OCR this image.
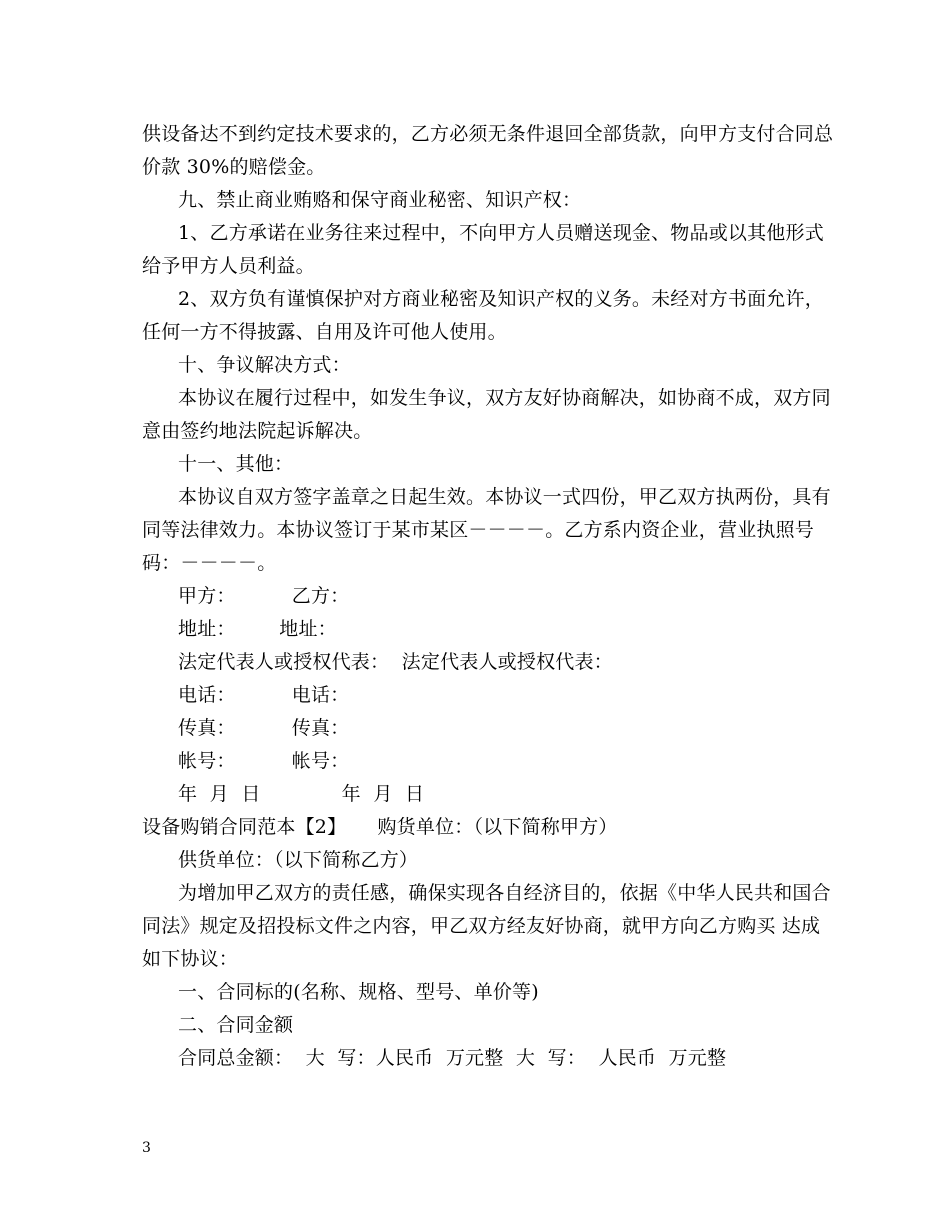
供设备达不到约定技术要求的，乙方必须无条件退回全部货款，向甲方支付合同总
价款 30%的赔偿金。
九、禁止商业贿赂和保守商业秘密、知识产权：
1、乙方承诺在业务往来过程中，不向甲方人员赠送现金、物品或以其他形式
给予甲方人员利益。
2、双方负有谨慎保护对方商业秘密及知识产权的义务。未经对方书面允许，
任何一方不得披露、自用及许可他人使用。
十、争议解决方式：
本协议在履行过程中，如发生争议，双方友好协商解决，如协商不成，双方同
意由签约地法院起诉解决。
十一、其他：
本协议自双方签字盖章之日起生效。本协议一式四份，甲乙双方执两份，具有
同等法律效力。本协议签订于某市某区－－－－。乙方系内资企业，营业执照号
码：－－－－。
甲方：         乙方：
地址：       地址：
法定代表人或授权代表：  法定代表人或授权代表：
电话：         电话：
传真：         传真：
帐号：         帐号：
年  月  日             年  月  日
设备购销合同范本【2】     购货单位：（以下简称甲方）
供货单位：（以下简称乙方）
为增加甲乙双方的责任感，确保实现各自经济目的，依据《中华人民共和国合
同法》规定及招投标文件之内容，甲乙双方经友好协商，就甲方向乙方购买 达成
如下协议：
一、合同标的(名称、规格、型号、单价等)
二、合同金额
合同总金额：  大  写：人民币  万元整  大  写：  人民币  万元整
3
